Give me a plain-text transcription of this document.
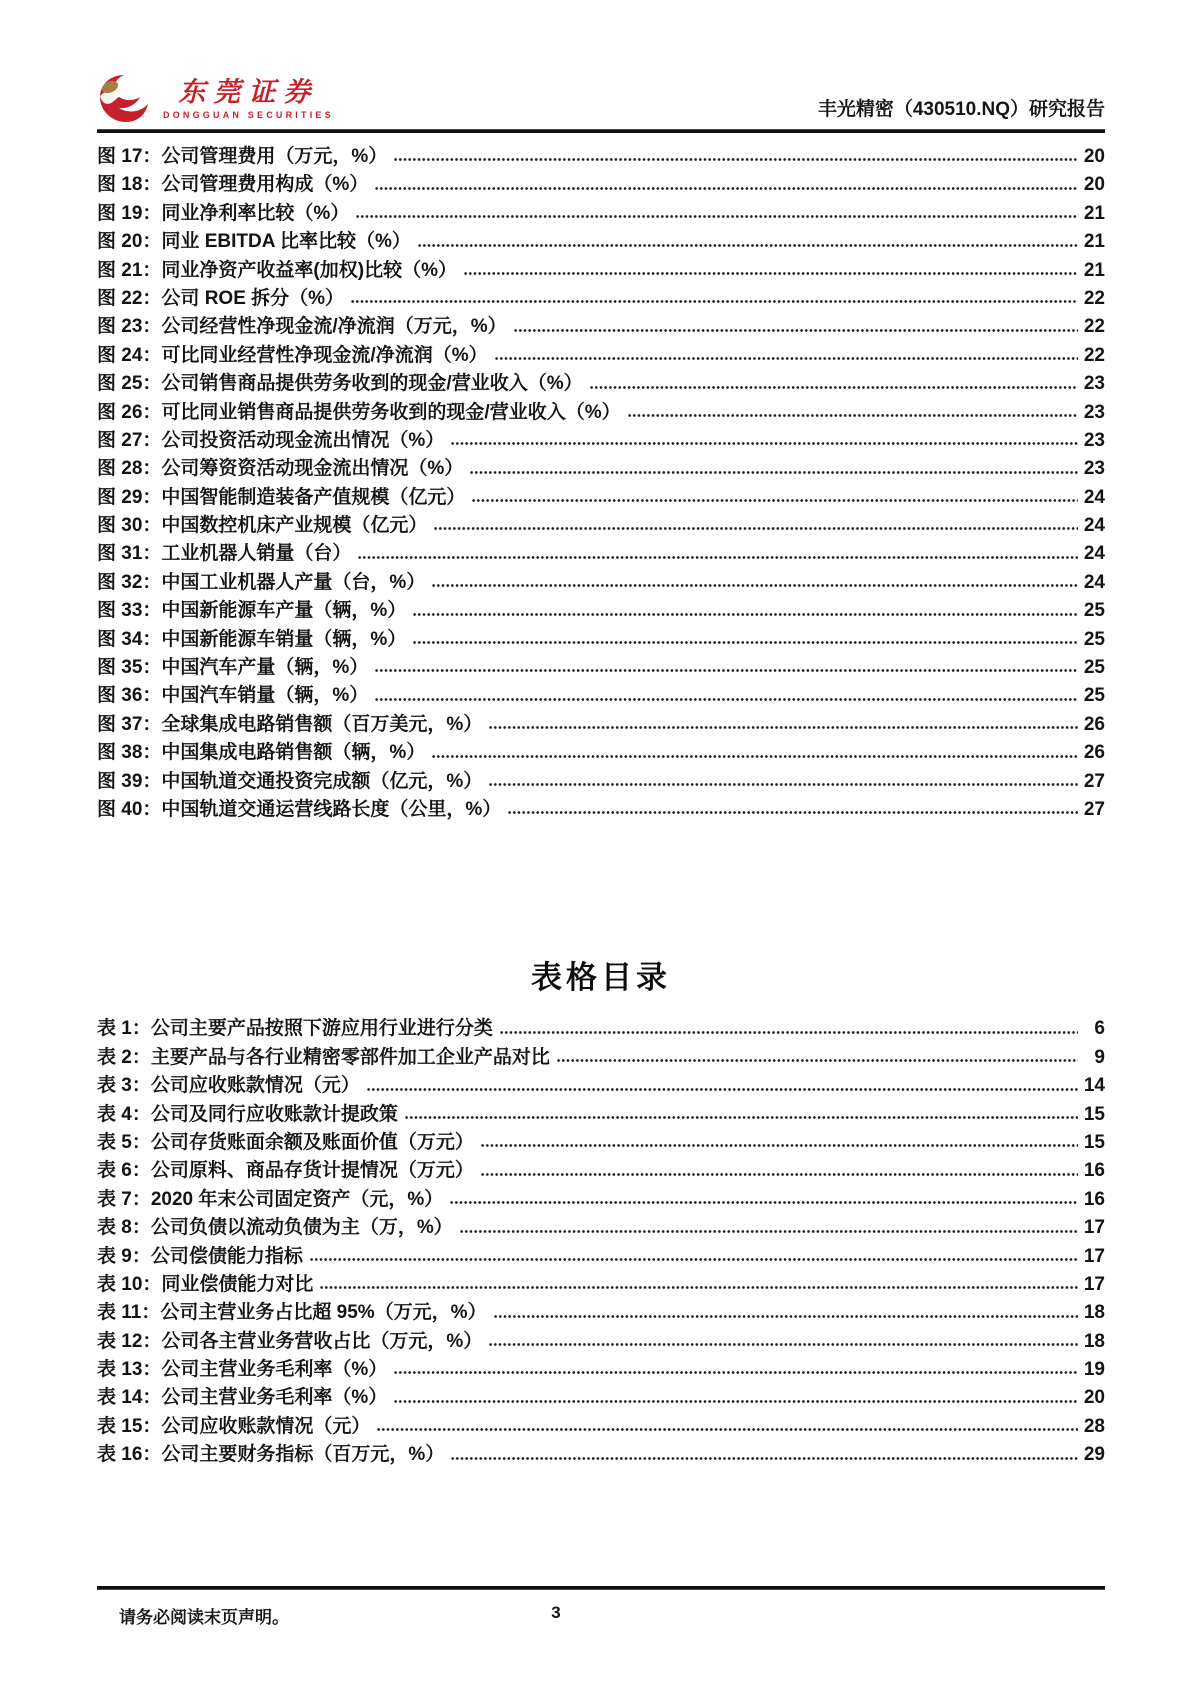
东莞证券
DONGGUAN SECURITIES	丰光精密（430510.NQ）研究报告
图 17： 公司管理费用（万元，%）	20
图 18： 公司管理费用构成（%）	20
图 19： 同业净利率比较（%）	21
图 20： 同业 EBITDA 比率比较（%）	21
图 21： 同业净资产收益率(加权)比较（%）	21
图 22： 公司 ROE 拆分（%）	22
图 23： 公司经营性净现金流/净流润（万元，%）	22
图 24： 可比同业经营性净现金流/净流润（%）	22
图 25： 公司销售商品提供劳务收到的现金/营业收入（%）	23
图 26： 可比同业销售商品提供劳务收到的现金/营业收入（%）	23
图 27： 公司投资活动现金流出情况（%）	23
图 28： 公司筹资资活动现金流出情况（%）	23
图 29： 中国智能制造装备产值规模（亿元）	24
图 30： 中国数控机床产业规模（亿元）	24
图 31： 工业机器人销量（台）	24
图 32： 中国工业机器人产量（台，%）	24
图 33： 中国新能源车产量（辆，%）	25
图 34： 中国新能源车销量（辆，%）	25
图 35： 中国汽车产量（辆，%）	25
图 36： 中国汽车销量（辆，%）	25
图 37： 全球集成电路销售额（百万美元，%）	26
图 38： 中国集成电路销售额（辆，%）	26
图 39： 中国轨道交通投资完成额（亿元，%）	27
图 40： 中国轨道交通运营线路长度（公里，%）	27
表格目录
表 1： 公司主要产品按照下游应用行业进行分类	6
表 2： 主要产品与各行业精密零部件加工企业产品对比	9
表 3： 公司应收账款情况（元）	14
表 4： 公司及同行应收账款计提政策	15
表 5： 公司存货账面余额及账面价值（万元）	15
表 6： 公司原料、商品存货计提情况（万元）	16
表 7： 2020 年末公司固定资产（元，%）	16
表 8： 公司负债以流动负债为主（万，%）	17
表 9： 公司偿债能力指标	17
表 10： 同业偿债能力对比	17
表 11： 公司主营业务占比超 95%（万元，%）	18
表 12： 公司各主营业务营收占比（万元，%）	18
表 13： 公司主营业务毛利率（%）	19
表 14： 公司主营业务毛利率（%）	20
表 15： 公司应收账款情况（元）	28
表 16： 公司主要财务指标（百万元，%）	29
请务必阅读末页声明。	3
